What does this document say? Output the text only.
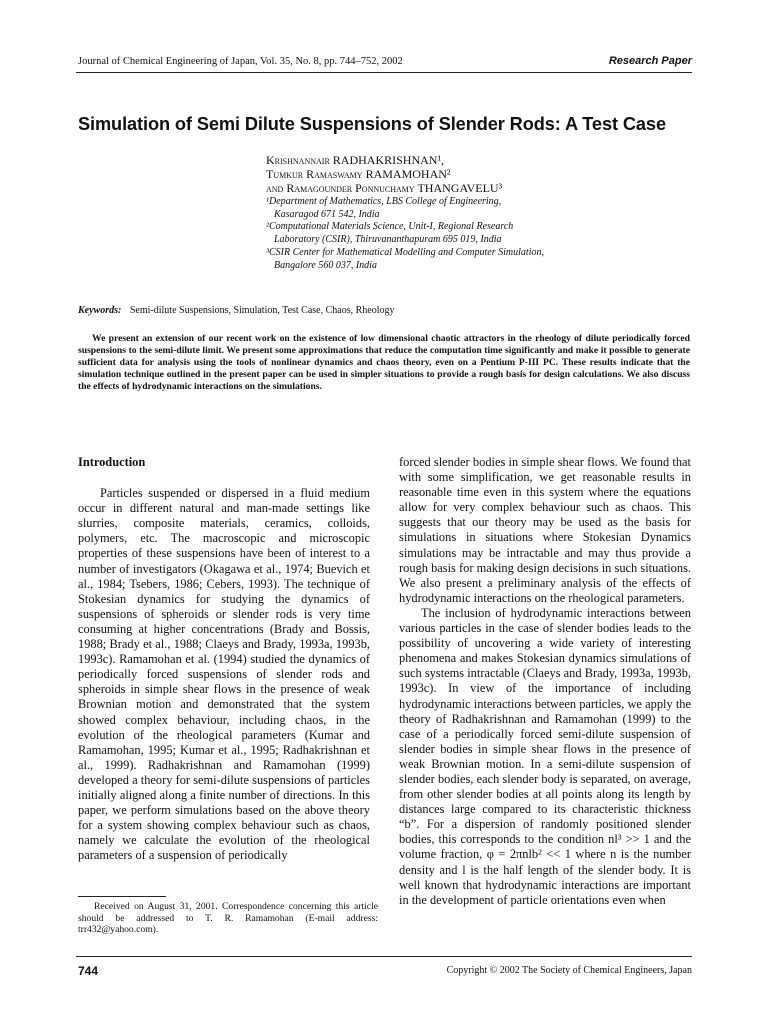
Journal of Chemical Engineering of Japan, Vol. 35, No. 8, pp. 744–752, 2002	Research Paper
Simulation of Semi Dilute Suspensions of Slender Rods: A Test Case
Krishnannair RADHAKRISHNAN¹,
Tumkur Ramaswamy RAMAMOHAN²
and Ramagounder Ponnuchamy THANGAVELU³
¹Department of Mathematics, LBS College of Engineering,
Kasaragod 671 542, India
²Computational Materials Science, Unit-I, Regional Research
Laboratory (CSIR), Thiruvananthapuram 695 019, India
³CSIR Center for Mathematical Modelling and Computer Simulation,
Bangalore 560 037, India
Keywords: Semi-dilute Suspensions, Simulation, Test Case, Chaos, Rheology

We present an extension of our recent work on the existence of low dimensional chaotic attractors in the rheology of dilute periodically forced suspensions to the semi-dilute limit. We present some approximations that reduce the computation time significantly and make it possible to generate sufficient data for analysis using the tools of nonlinear dynamics and chaos theory, even on a Pentium P-III PC. These results indicate that the simulation technique outlined in the present paper can be used in simpler situations to provide a rough basis for design calculations. We also discuss the effects of hydrodynamic interactions on the simulations.

Introduction

Particles suspended or dispersed in a fluid medium occur in different natural and man-made settings like slurries, composite materials, ceramics, colloids, polymers, etc. The macroscopic and microscopic properties of these suspensions have been of interest to a number of investigators (Okagawa et al., 1974; Buevich et al., 1984; Tsebers, 1986; Cebers, 1993). The technique of Stokesian dynamics for studying the dynamics of suspensions of spheroids or slender rods is very time consuming at higher concentrations (Brady and Bossis, 1988; Brady et al., 1988; Claeys and Brady, 1993a, 1993b, 1993c). Ramamohan et al. (1994) studied the dynamics of periodically forced suspensions of slender rods and spheroids in simple shear flows in the presence of weak Brownian motion and demonstrated that the system showed complex behaviour, including chaos, in the evolution of the rheological parameters (Kumar and Ramamohan, 1995; Kumar et al., 1995; Radhakrishnan et al., 1999). Radhakrishnan and Ramamohan (1999) developed a theory for semi-dilute suspensions of particles initially aligned along a finite number of directions. In this paper, we perform simulations based on the above theory for a system showing complex behaviour such as chaos, namely we calculate the evolution of the rheological parameters of a suspension of periodically

forced slender bodies in simple shear flows. We found that with some simplification, we get reasonable results in reasonable time even in this system where the equations allow for very complex behaviour such as chaos. This suggests that our theory may be used as the basis for simulations in situations where Stokesian Dynamics simulations may be intractable and may thus provide a rough basis for making design decisions in such situations. We also present a preliminary analysis of the effects of hydrodynamic interactions on the rheological parameters.

The inclusion of hydrodynamic interactions between various particles in the case of slender bodies leads to the possibility of uncovering a wide variety of interesting phenomena and makes Stokesian dynamics simulations of such systems intractable (Claeys and Brady, 1993a, 1993b, 1993c). In view of the importance of including hydrodynamic interactions between particles, we apply the theory of Radhakrishnan and Ramamohan (1999) to the case of a periodically forced semi-dilute suspension of slender bodies in simple shear flows in the presence of weak Brownian motion. In a semi-dilute suspension of slender bodies, each slender body is separated, on average, from other slender bodies at all points along its length by distances large compared to its characteristic thickness “b”. For a dispersion of randomly positioned slender bodies, this corresponds to the condition nl³ >> 1 and the volume fraction, φ = 2πnlb² << 1 where n is the number density and l is the half length of the slender body. It is well known that hydrodynamic interactions are important in the development of particle orientations even when

Received on August 31, 2001. Correspondence concerning this article should be addressed to T. R. Ramamohan (E-mail address: trr432@yahoo.com).
744	Copyright © 2002 The Society of Chemical Engineers, Japan
